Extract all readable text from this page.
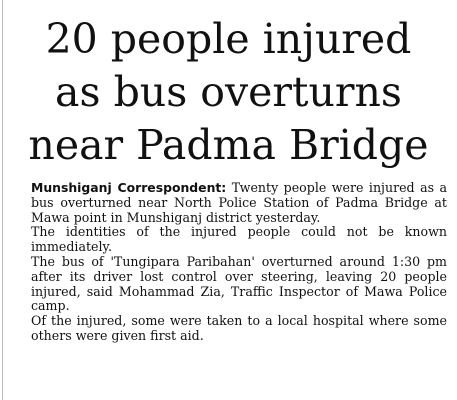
20 people injured
as bus overturns
near Padma Bridge

Munshiganj Correspondent: Twenty people were injured as a bus overturned near North Police Station of Padma Bridge at Mawa point in Munshiganj district yesterday.

The identities of the injured people could not be known immediately.

The bus of 'Tungipara Paribahan' overturned around 1:30 pm after its driver lost control over steering, leaving 20 people injured, said Mohammad Zia, Traffic Inspector of Mawa Police camp.

Of the injured, some were taken to a local hospital where some others were given first aid.
